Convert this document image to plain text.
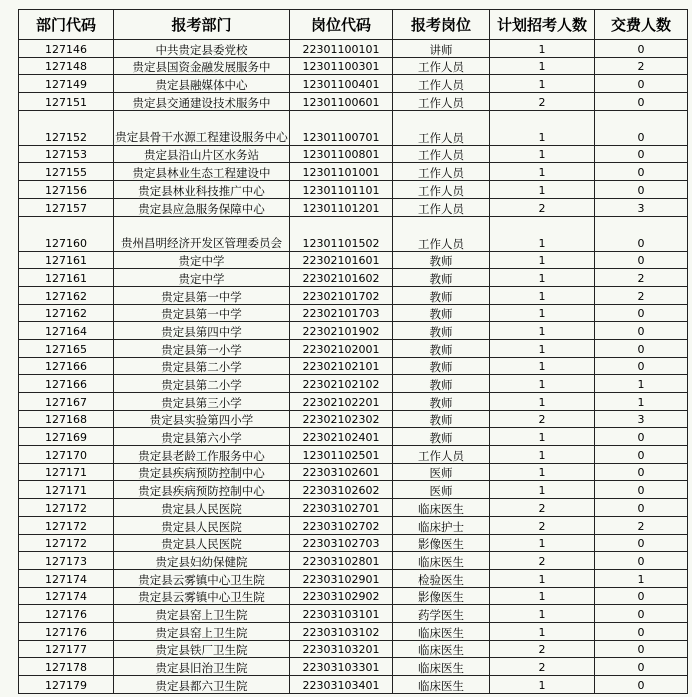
部门代码	报考部门	岗位代码	报考岗位	计划招考人数	交费人数
127146	中共贵定县委党校	22301100101	讲师	1	0
127148	贵定县国资金融发展服务中	12301100301	工作人员	1	2
127149	贵定县融媒体中心	12301100401	工作人员	1	0
127151	贵定县交通建设技术服务中	12301100601	工作人员	2	0
127152	贵定县骨干水源工程建设服务中心	12301100701	工作人员	1	0
127153	贵定县沿山片区水务站	12301100801	工作人员	1	0
127155	贵定县林业生态工程建设中	12301101001	工作人员	1	0
127156	贵定县林业科技推广中心	12301101101	工作人员	1	0
127157	贵定县应急服务保障中心	12301101201	工作人员	2	3
127160	贵州昌明经济开发区管理委员会	12301101502	工作人员	1	0
127161	贵定中学	22302101601	教师	1	0
127161	贵定中学	22302101602	教师	1	2
127162	贵定县第一中学	22302101702	教师	1	2
127162	贵定县第一中学	22302101703	教师	1	0
127164	贵定县第四中学	22302101902	教师	1	0
127165	贵定县第一小学	22302102001	教师	1	0
127166	贵定县第二小学	22302102101	教师	1	0
127166	贵定县第二小学	22302102102	教师	1	1
127167	贵定县第三小学	22302102201	教师	1	1
127168	贵定县实验第四小学	22302102302	教师	2	3
127169	贵定县第六小学	22302102401	教师	1	0
127170	贵定县老龄工作服务中心	12301102501	工作人员	1	0
127171	贵定县疾病预防控制中心	22303102601	医师	1	0
127171	贵定县疾病预防控制中心	22303102602	医师	1	0
127172	贵定县人民医院	22303102701	临床医生	2	0
127172	贵定县人民医院	22303102702	临床护士	2	2
127172	贵定县人民医院	22303102703	影像医生	1	0
127173	贵定县妇幼保健院	22303102801	临床医生	2	0
127174	贵定县云雾镇中心卫生院	22303102901	检验医生	1	1
127174	贵定县云雾镇中心卫生院	22303102902	影像医生	1	0
127176	贵定县窑上卫生院	22303103101	药学医生	1	0
127176	贵定县窑上卫生院	22303103102	临床医生	1	0
127177	贵定县铁厂卫生院	22303103201	临床医生	2	0
127178	贵定县旧治卫生院	22303103301	临床医生	2	0
127179	贵定县都六卫生院	22303103401	临床医生	1	0
